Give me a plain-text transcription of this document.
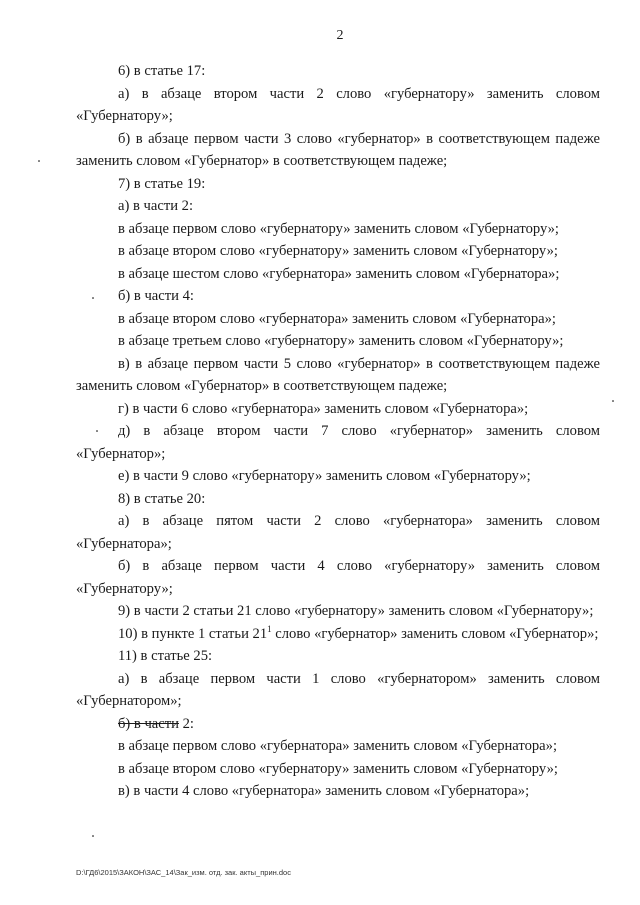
2

6) в статье 17:

а) в абзаце втором части 2 слово «губернатору» заменить словом «Губернатору»;

б) в абзаце первом части 3 слово «губернатор» в соответствующем падеже заменить словом «Губернатор» в соответствующем падеже;

7) в статье 19:

а) в части 2:

в абзаце первом слово «губернатору» заменить словом «Губернатору»;

в абзаце втором слово «губернатору» заменить словом «Губернатору»;

в абзаце шестом слово «губернатора» заменить словом «Губернатора»;

б) в части 4:

в абзаце втором слово «губернатора» заменить словом «Губернатора»;

в абзаце третьем слово «губернатору» заменить словом «Губернатору»;

в) в абзаце первом части 5 слово «губернатор» в соответствующем падеже заменить словом «Губернатор» в соответствующем падеже;

г) в части 6 слово «губернатора» заменить словом «Губернатора»;

д) в абзаце втором части 7 слово «губернатор» заменить словом «Губернатор»;

е) в части 9 слово «губернатору» заменить словом «Губернатору»;

8) в статье 20:

а) в абзаце пятом части 2 слово «губернатора» заменить словом «Губернатора»;

б) в абзаце первом части 4 слово «губернатору» заменить словом «Губернатору»;

9) в части 2 статьи 21 слово «губернатору» заменить словом «Губернатору»;

10) в пункте 1 статьи $21^1$ слово «губернатор» заменить словом «Губернатор»;

11) в статье 25:

а) в абзаце первом части 1 слово «губернатором» заменить словом «Губернатором»;

б) в части 2:

в абзаце первом слово «губернатора» заменить словом «Губернатора»;

в абзаце втором слово «губернатору» заменить словом «Губернатору»;

в) в части 4 слово «губернатора» заменить словом «Губернатора»;

D:\ГД6\2015\ЗАКОН\ЗАС_14\Зак_изм. отд. зак. акты_прин.doc
